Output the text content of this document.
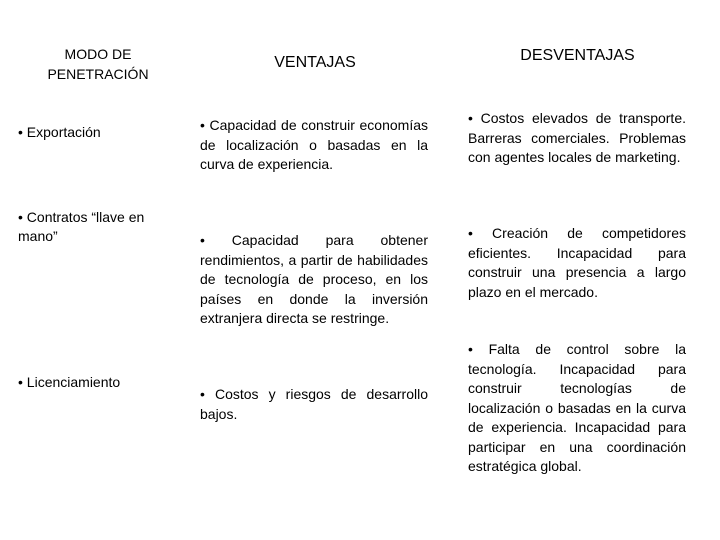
MODO DE PENETRACIÓN
VENTAJAS	DESVENTAJAS
• Exportación
• Contratos “llave en mano”
• Licenciamiento
• Capacidad de construir economías de localización o basadas en la curva de experiencia.
• Capacidad para obtener rendimientos, a partir de habilidades de tecnología de proceso, en los países en donde la inversión extranjera directa se restringe.
• Costos y riesgos de desarrollo bajos.
• Costos elevados de transporte. Barreras comerciales. Problemas con agentes locales de marketing.
• Creación de competidores eficientes. Incapacidad para construir una presencia a largo plazo en el mercado.
• Falta de control sobre la tecnología. Incapacidad para construir tecnologías de localización o basadas en la curva de experiencia. Incapacidad para participar en una coordinación estratégica global.
